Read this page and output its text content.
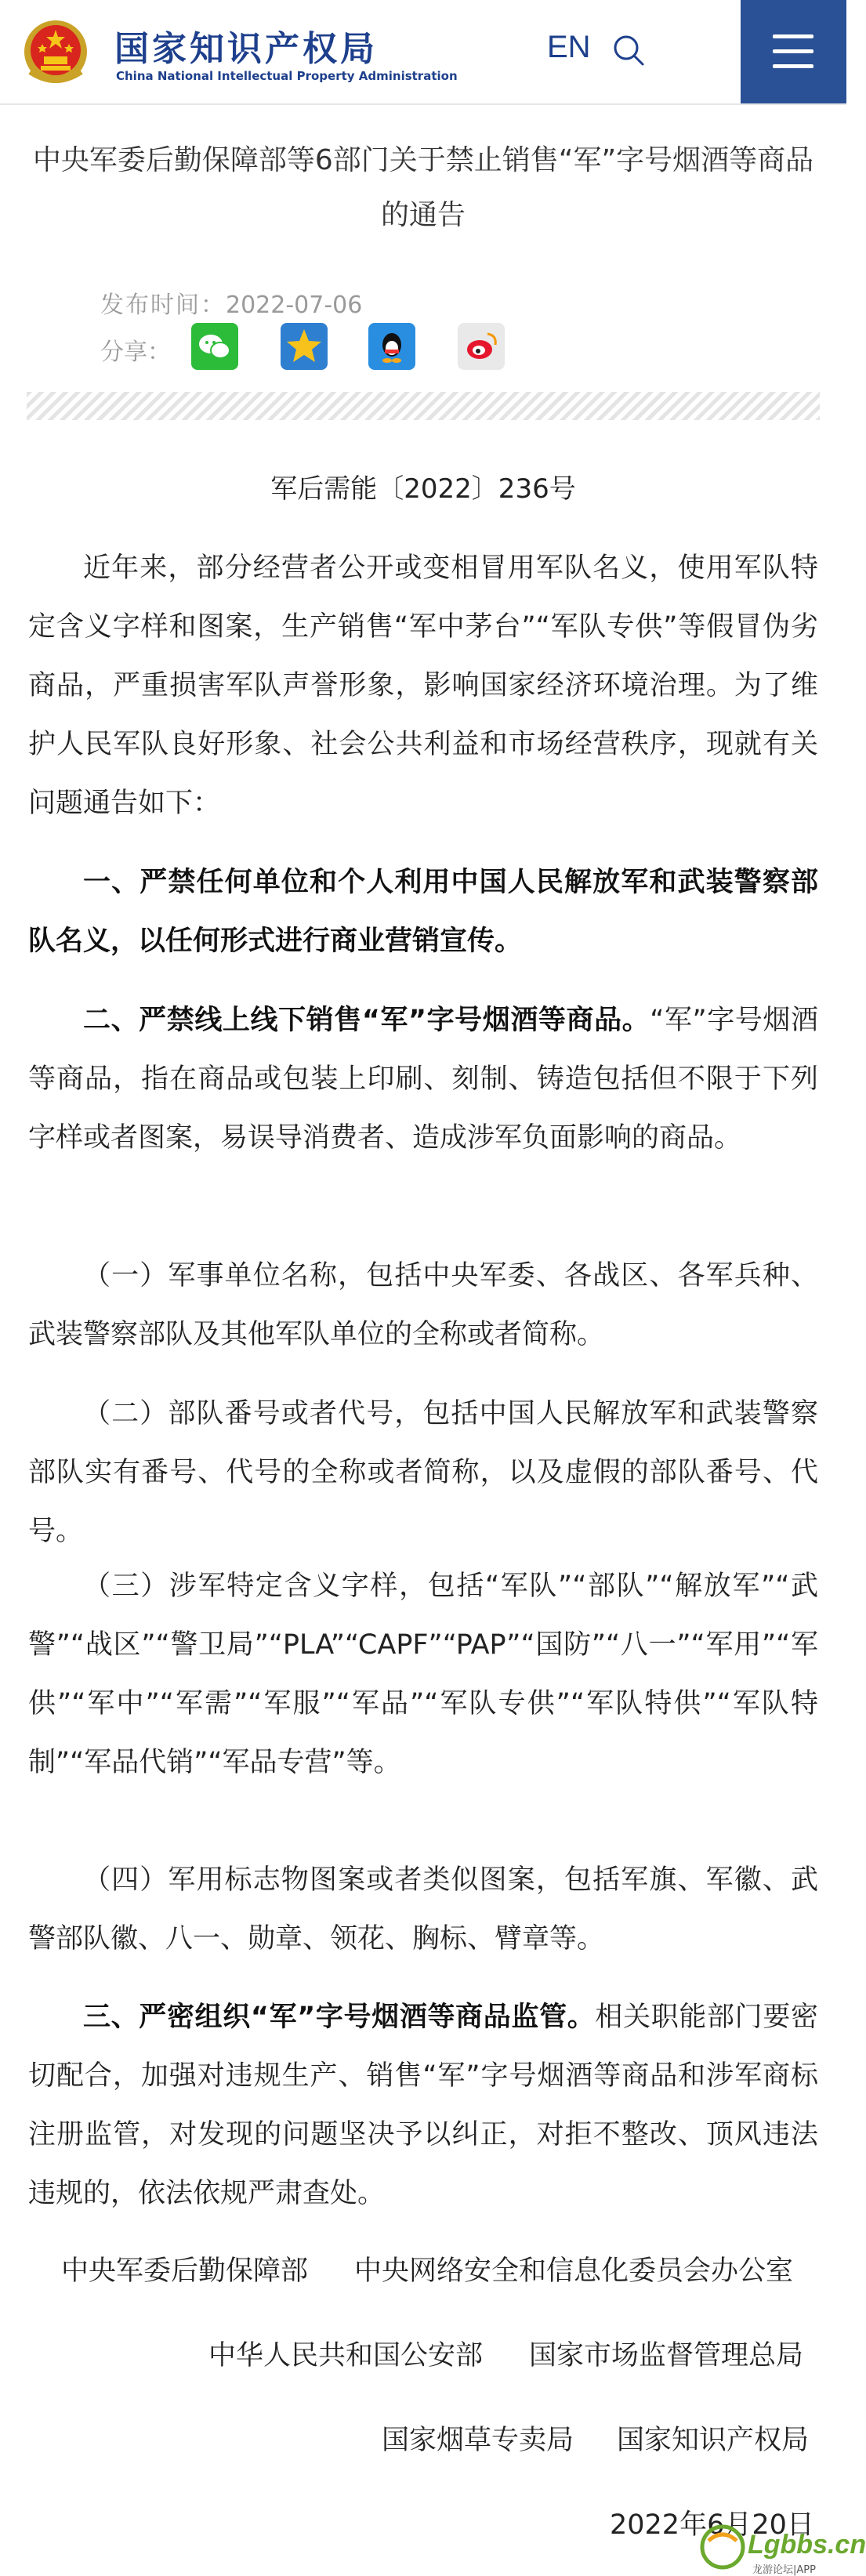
国家知识产权局
China National Intellectual Property Administration
EN
中央军委后勤保障部等6部门关于禁止销售“军”字号烟酒等商品的通告
发布时间：2022-07-06
分享：
军后需能〔2022〕236号

近年来，部分经营者公开或变相冒用军队名义，使用军队特定含义字样和图案，生产销售“军中茅台”“军队专供”等假冒伪劣商品，严重损害军队声誉形象，影响国家经济环境治理。为了维护人民军队良好形象、社会公共利益和市场经营秩序，现就有关问题通告如下：

一、严禁任何单位和个人利用中国人民解放军和武装警察部队名义，以任何形式进行商业营销宣传。

二、严禁线上线下销售“军”字号烟酒等商品。“军”字号烟酒等商品，指在商品或包装上印刷、刻制、铸造包括但不限于下列字样或者图案，易误导消费者、造成涉军负面影响的商品。

（一）军事单位名称，包括中央军委、各战区、各军兵种、武装警察部队及其他军队单位的全称或者简称。

（二）部队番号或者代号，包括中国人民解放军和武装警察部队实有番号、代号的全称或者简称，以及虚假的部队番号、代号。

（三）涉军特定含义字样，包括“军队”“部队”“解放军”“武警”“战区”“警卫局”“PLA”“CAPF”“PAP”“国防”“八一”“军用”“军供”“军中”“军需”“军服”“军品”“军队专供”“军队特供”“军队特制”“军品代销”“军品专营”等。

（四）军用标志物图案或者类似图案，包括军旗、军徽、武警部队徽、八一、勋章、领花、胸标、臂章等。

三、严密组织“军”字号烟酒等商品监管。相关职能部门要密切配合，加强对违规生产、销售“军”字号烟酒等商品和涉军商标注册监管，对发现的问题坚决予以纠正，对拒不整改、顶风违法违规的，依法依规严肃查处。

中央军委后勤保障部 中央网络安全和信息化委员会办公室
中华人民共和国公安部 国家市场监督管理总局
国家烟草专卖局 国家知识产权局
2022年6月20日
Lgbbs.cn
龙游论坛|APP
